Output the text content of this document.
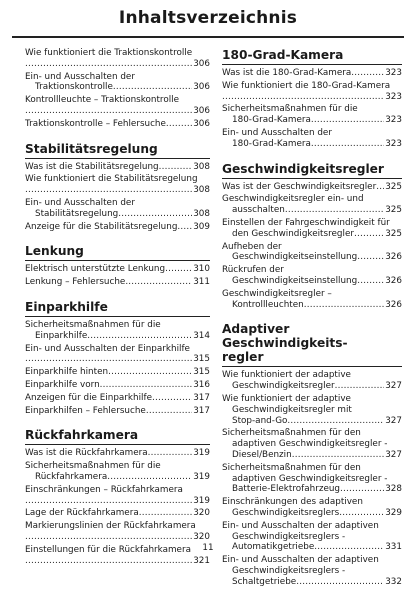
Inhaltsverzeichnis
Wie funktioniert die Traktionskontrolle
.....
306
Ein- und Ausschalten der
Traktionskontrolle .....	306
Kontrollleuchte – Traktionskontrolle
.....
306
Traktionskontrolle – Fehlersuche .....	306
Stabilitätsregelung
Was ist die Stabilitätsregelung .....	308
Wie funktioniert die Stabilitätsregelung
.....
308
Ein- und Ausschalten der
Stabilitätsregelung .....	308
Anzeige für die Stabilitätsregelung ..... 309
Lenkung
Elektrisch unterstützte Lenkung .....	310
Lenkung – Fehlersuche .....	311
Einparkhilfe
Sicherheitsmaßnahmen für die
Einparkhilfe .....	314
Ein- und Ausschalten der Einparkhilfe
.....
315
Einparkhilfe hinten .....	315
Einparkhilfe vorn .....	316
Anzeigen für die Einparkhilfe .....	317
Einparkhilfen – Fehlersuche .....	317
Rückfahrkamera
Was ist die Rückfahrkamera .....	319
Sicherheitsmaßnahmen für die
Rückfahrkamera .....	319
Einschränkungen – Rückfahrkamera
.....
319
Lage der Rückfahrkamera .....	320
Markierungslinien der Rückfahrkamera
.....
320
Einstellungen für die Rückfahrkamera
.....
321
180-Grad-Kamera
Was ist die 180-Grad-Kamera .....	323
Wie funktioniert die 180-Grad-Kamera
.....
323
Sicherheitsmaßnahmen für die
180-Grad-Kamera .....	323
Ein- und Ausschalten der
180-Grad-Kamera .....	323
Geschwindigkeitsregler
Was ist der Geschwindigkeitsregler ..... 325
Geschwindigkeitsregler ein- und
ausschalten .....	325
Einstellen der Fahrgeschwindigkeit für
den Geschwindigkeitsregler .....	325
Aufheben der
Geschwindigkeitseinstellung .....	326
Rückrufen der
Geschwindigkeitseinstellung .....	326
Geschwindigkeitsregler –
Kontrollleuchten .....	326
Adaptiver Geschwindigkeits-
regler
Wie funktioniert der adaptive
Geschwindigkeitsregler .....	327
Wie funktioniert der adaptive
Geschwindigkeitsregler mit
Stop-and-Go .....	327
Sicherheitsmaßnahmen für den
adaptiven Geschwindigkeitsregler -
Diesel/Benzin .....	327
Sicherheitsmaßnahmen für den
adaptiven Geschwindigkeitsregler -
Batterie-Elektrofahrzeug .....	328
Einschränkungen des adaptiven
Geschwindigkeitsreglers .....	329
Ein- und Ausschalten der adaptiven
Geschwindigkeitsreglers -
Automatikgetriebe .....	331
Ein- und Ausschalten der adaptiven
Geschwindigkeitsreglers -
Schaltgetriebe .....	332
11
